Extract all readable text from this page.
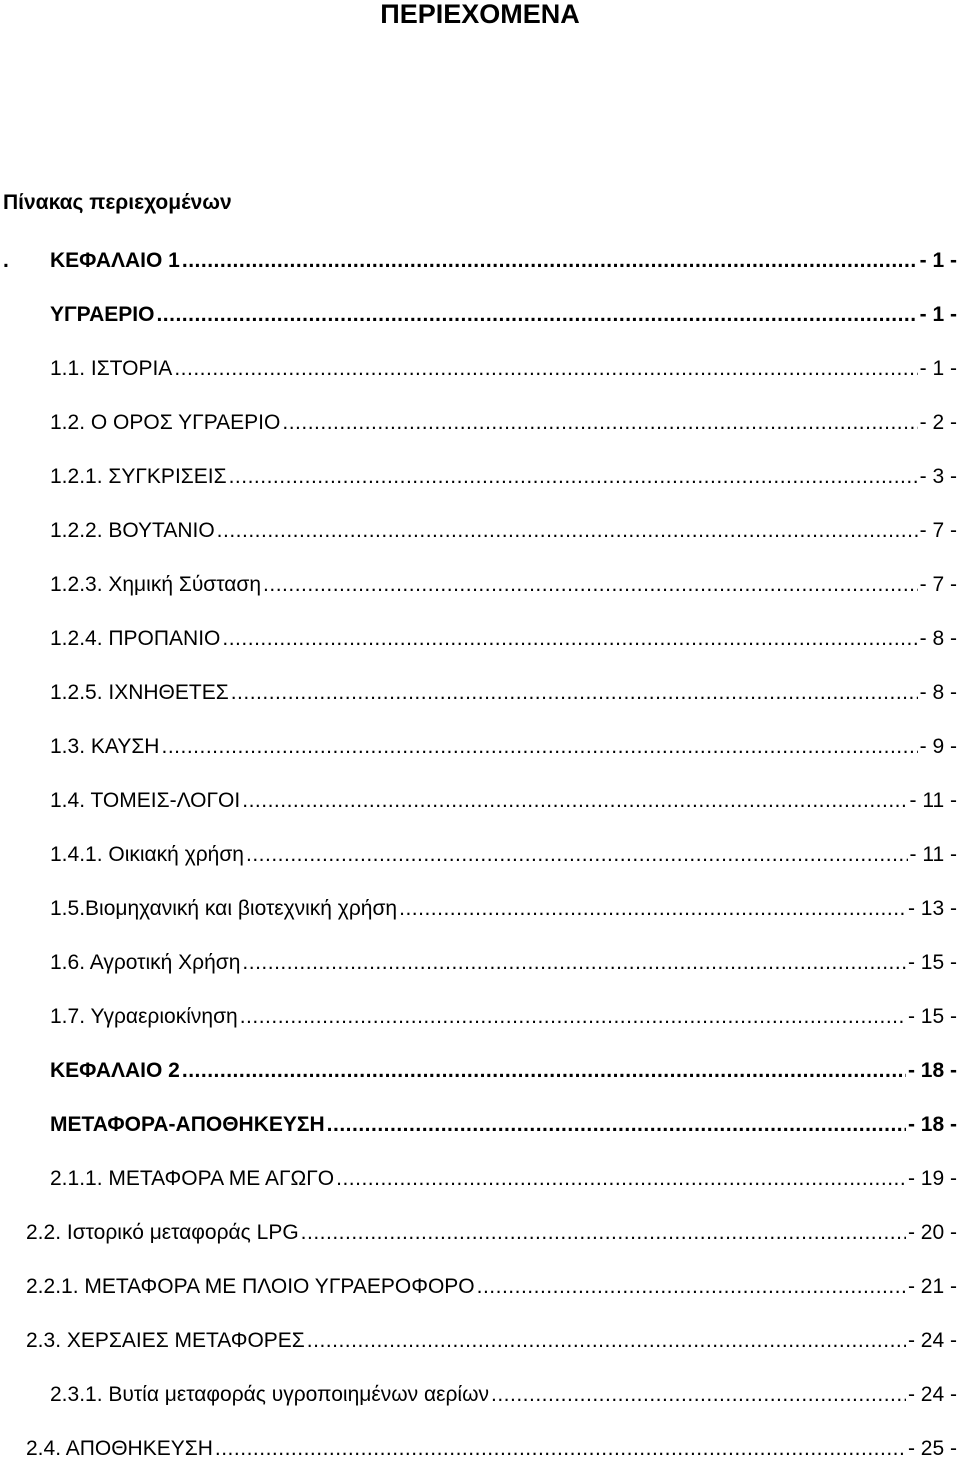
ΠΕΡΙΕΧΟΜΕΝΑ
Πίνακας περιεχομένων
. ΚΕΦΑΛΑΙΟ 1 .....	- 1 -
ΥΓΡΑΕΡΙΟ .....	- 1 -
1.1. ΙΣΤΟΡΙΑ .....	- 1 -
1.2. Ο ΟΡΟΣ ΥΓΡΑΕΡΙΟ .....	- 2 -
1.2.1. ΣΥΓΚΡΙΣΕΙΣ .....	- 3 -
1.2.2. ΒΟΥΤΑΝΙΟ .....	- 7 -
1.2.3. Χημική Σύσταση .....	- 7 -
1.2.4. ΠΡΟΠΑΝΙΟ .....	- 8 -
1.2.5. ΙΧΝΗΘΕΤΕΣ .....	- 8 -
1.3. ΚΑΥΣΗ .....	- 9 -
1.4. ΤΟΜΕΙΣ-ΛΟΓΟΙ .....	- 11 -
1.4.1. Οικιακή χρήση .....	- 11 -
1.5.Βιομηχανική και βιοτεχνική χρήση .....	- 13 -
1.6. Αγροτική Χρήση .....	- 15 -
1.7. Υγραεριοκίνηση .....	- 15 -
ΚΕΦΑΛΑΙΟ 2 .....	- 18 -
ΜΕΤΑΦΟΡΑ-ΑΠΟΘΗΚΕΥΣΗ .....	- 18 -
2.1.1. ΜΕΤΑΦΟΡΑ ΜΕ ΑΓΩΓΟ .....	- 19 -
2.2. Ιστορικό μεταφοράς LPG .....	- 20 -
2.2.1. ΜΕΤΑΦΟΡΑ ΜΕ ΠΛΟΙΟ ΥΓΡΑΕΡΟΦΟΡΟ .....	- 21 -
2.3. ΧΕΡΣΑΙΕΣ ΜΕΤΑΦΟΡΕΣ .....	- 24 -
2.3.1. Βυτία μεταφοράς υγροποιημένων αερίων .....	- 24 -
2.4. ΑΠΟΘΗΚΕΥΣΗ .....	- 25 -
